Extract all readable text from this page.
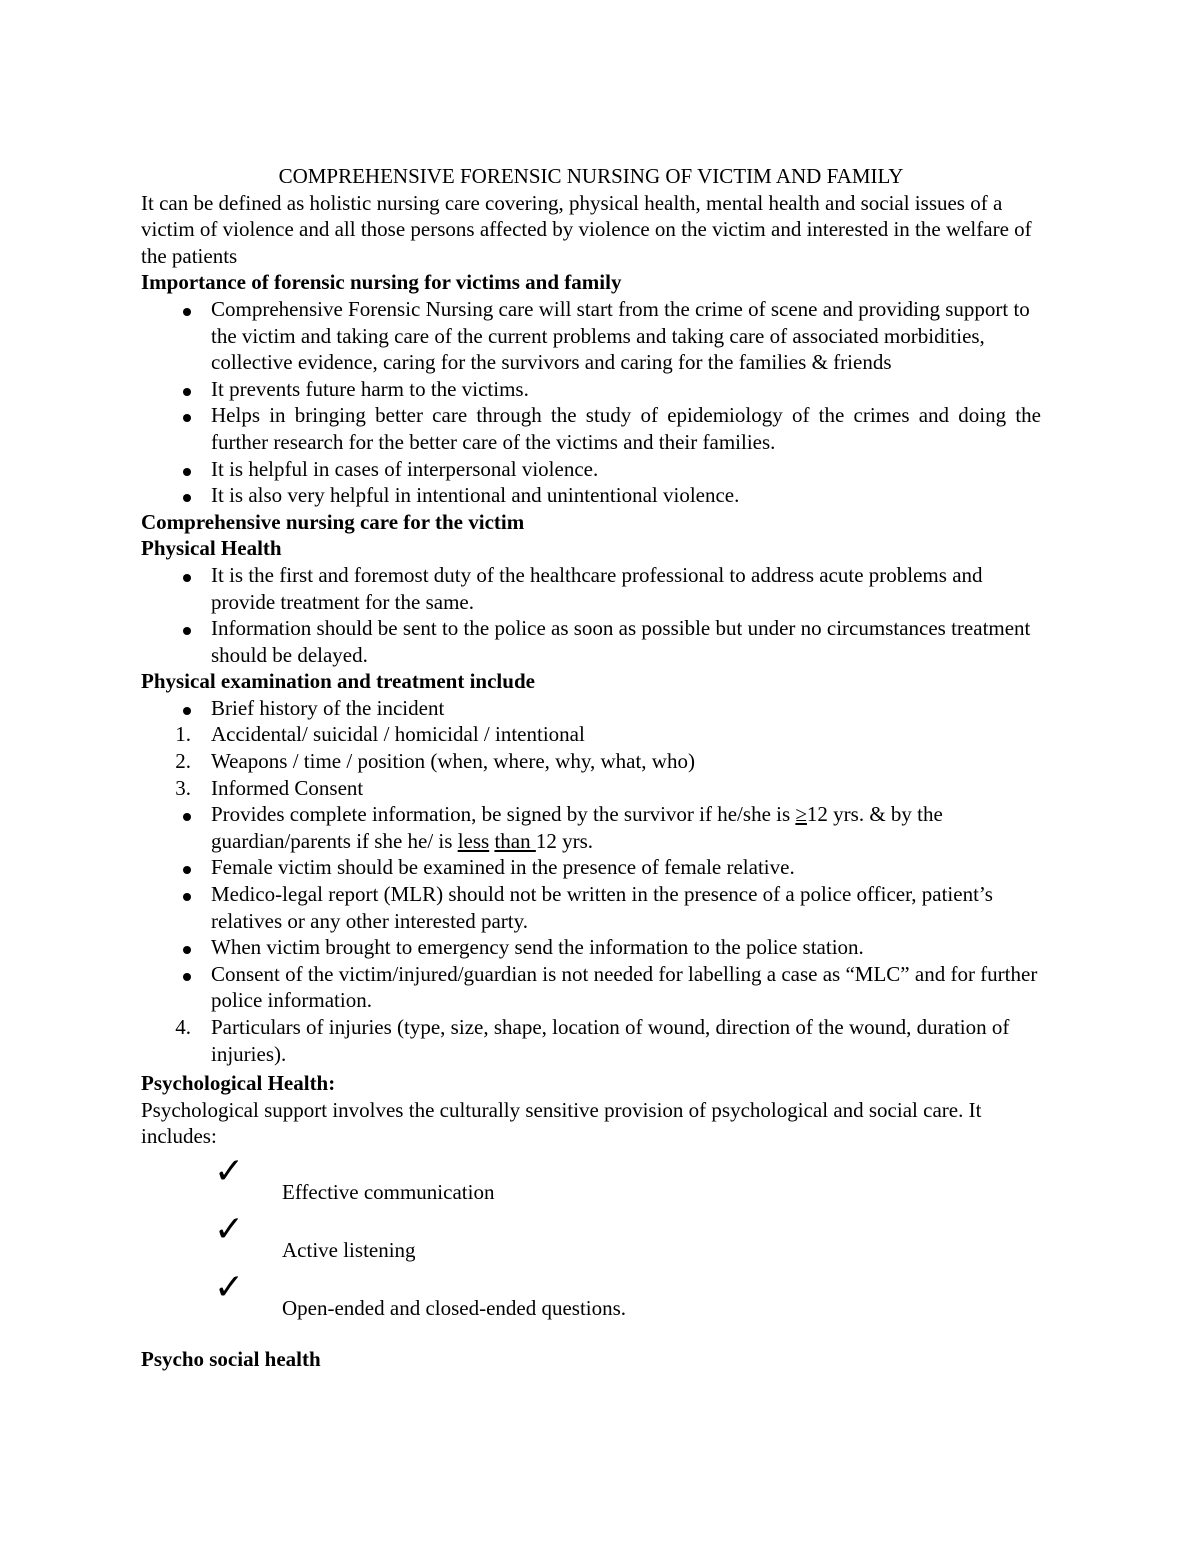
COMPREHENSIVE FORENSIC NURSING OF VICTIM AND FAMILY

It can be defined as holistic nursing care covering, physical health, mental health and social issues of a victim of violence and all those persons affected by violence on the victim and interested in the welfare of the patients

Importance of forensic nursing for victims and family

Comprehensive Forensic Nursing care will start from the crime of scene and providing support to the victim and taking care of the current problems and taking care of associated morbidities, collective evidence, caring for the survivors and caring for the families & friends
It prevents future harm to the victims.
Helps in bringing better care through the study of epidemiology of the crimes and doing the further research for the better care of the victims and their families.
It is helpful in cases of interpersonal violence.
It is also very helpful in intentional and unintentional violence.

Comprehensive nursing care for the victim

Physical Health

It is the first and foremost duty of the healthcare professional to address acute problems and provide treatment for the same.
Information should be sent to the police as soon as possible but under no circumstances treatment should be delayed.

Physical examination and treatment include

Brief history of the incident
1. Accidental/ suicidal / homicidal / intentional
2. Weapons / time / position (when, where, why, what, who)
3. Informed Consent
Provides complete information, be signed by the survivor if he/she is ≥12 yrs. & by the guardian/parents if she he/ is less than 12 yrs.
Female victim should be examined in the presence of female relative.
Medico-legal report (MLR) should not be written in the presence of a police officer, patient’s relatives or any other interested party.
When victim brought to emergency send the information to the police station.
Consent of the victim/injured/guardian is not needed for labelling a case as “MLC” and for further police information.
4. Particulars of injuries (type, size, shape, location of wound, direction of the wound, duration of injuries).

Psychological Health:

Psychological support involves the culturally sensitive provision of psychological and social care. It includes:

✓ Effective communication
✓ Active listening
✓ Open-ended and closed-ended questions.

Psycho social health
